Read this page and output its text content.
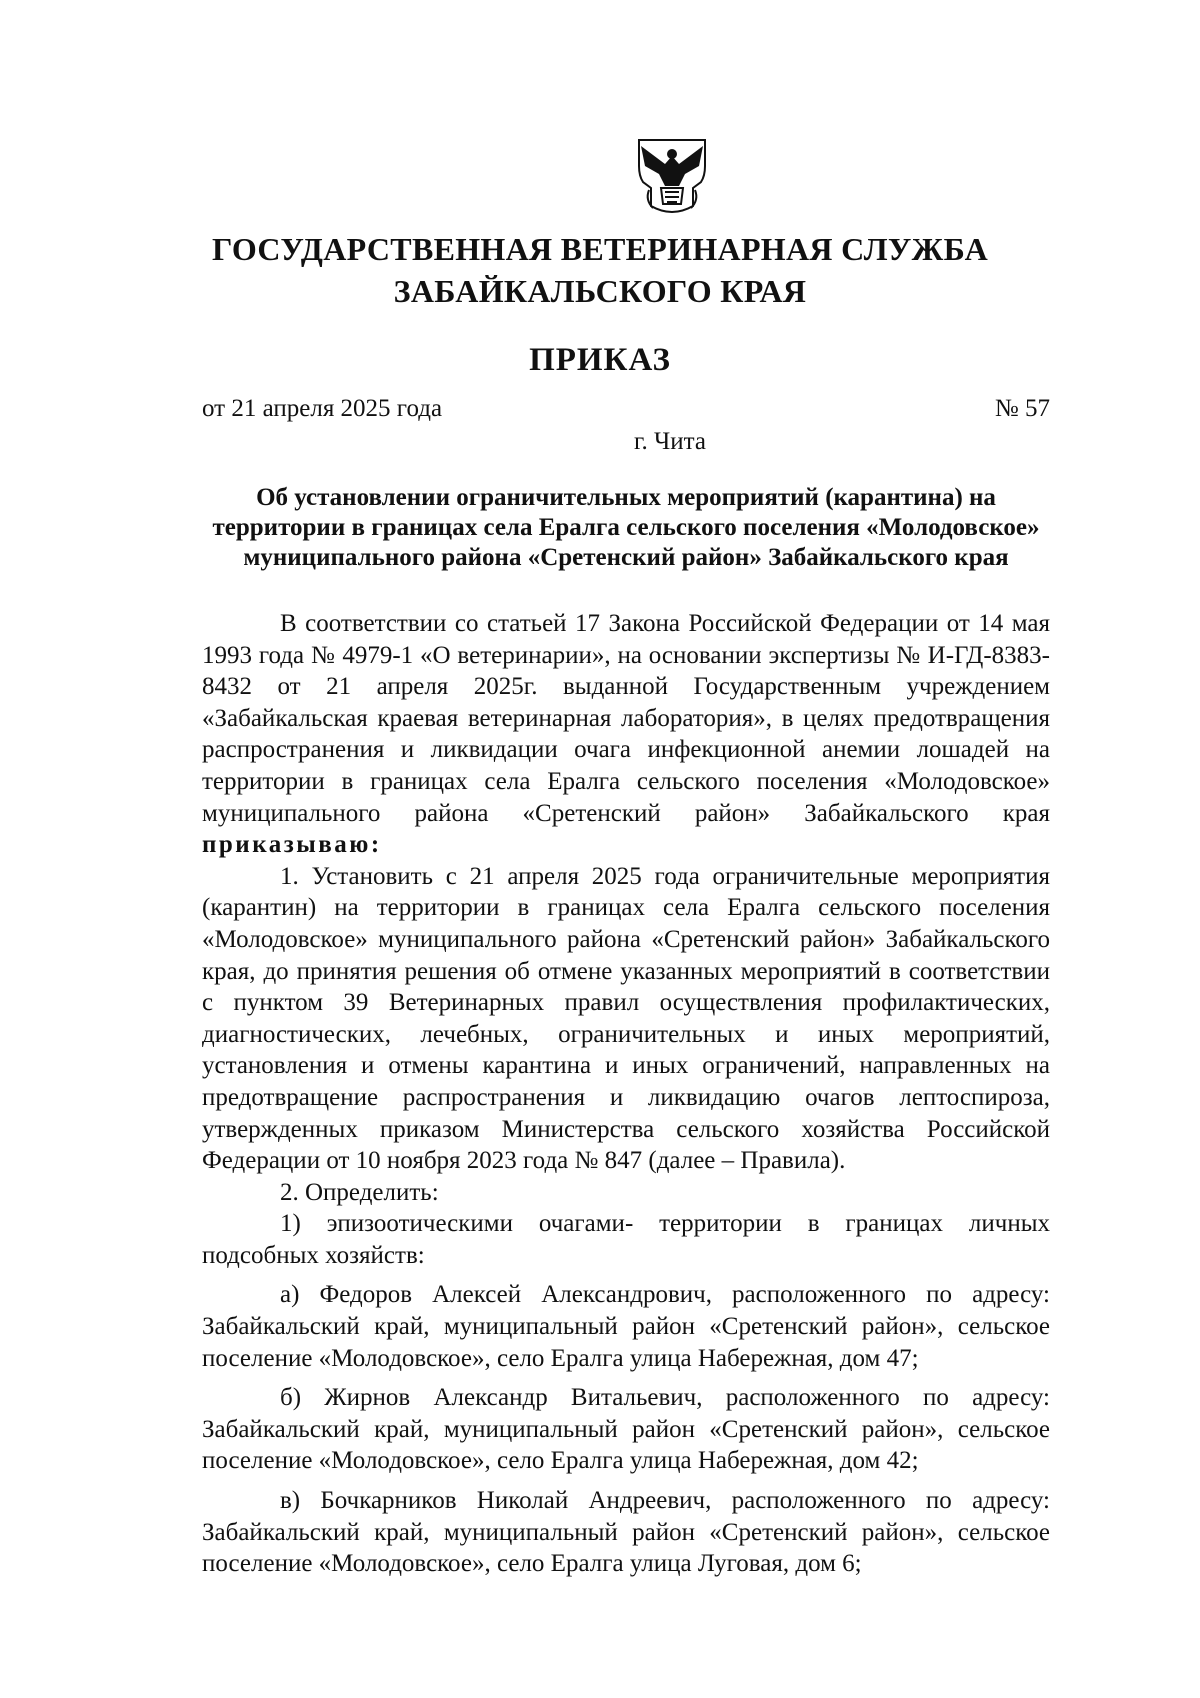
ГОСУДАРСТВЕННАЯ ВЕТЕРИНАРНАЯ СЛУЖБА
ЗАБАЙКАЛЬСКОГО КРАЯ
ПРИКАЗ
от 21 апреля 2025 года	№ 57
г. Чита
Об установлении ограничительных мероприятий (карантина) на
территории в границах села Ералга сельского поселения «Молодовское»
муниципального района «Сретенский район» Забайкальского края

В соответствии со статьей 17 Закона Российской Федерации от 14 мая 1993 года № 4979-1 «О ветеринарии», на основании экспертизы № И-ГД-8383-8432 от 21 апреля 2025г. выданной Государственным учреждением «Забайкальская краевая ветеринарная лаборатория», в целях предотвращения распространения и ликвидации очага инфекционной анемии лошадей на территории в границах села Ералга сельского поселения «Молодовское» муниципального района «Сретенский район» Забайкальского края приказываю:

1. Установить с 21 апреля 2025 года ограничительные мероприятия (карантин) на территории в границах села Ералга сельского поселения «Молодовское» муниципального района «Сретенский район» Забайкальского края, до принятия решения об отмене указанных мероприятий в соответствии с пунктом 39 Ветеринарных правил осуществления профилактических, диагностических, лечебных, ограничительных и иных мероприятий, установления и отмены карантина и иных ограничений, направленных на предотвращение распространения и ликвидацию очагов лептоспироза, утвержденных приказом Министерства сельского хозяйства Российской Федерации от 10 ноября 2023 года № 847 (далее – Правила).

2. Определить:

1) эпизоотическими очагами- территории в границах личных подсобных хозяйств:

а) Федоров Алексей Александрович, расположенного по адресу: Забайкальский край, муниципальный район «Сретенский район», сельское поселение «Молодовское», село Ералга улица Набережная, дом 47;

б) Жирнов Александр Витальевич, расположенного по адресу: Забайкальский край, муниципальный район «Сретенский район», сельское поселение «Молодовское», село Ералга улица Набережная, дом 42;

в) Бочкарников Николай Андреевич, расположенного по адресу: Забайкальский край, муниципальный район «Сретенский район», сельское поселение «Молодовское», село Ералга улица Луговая, дом 6;
